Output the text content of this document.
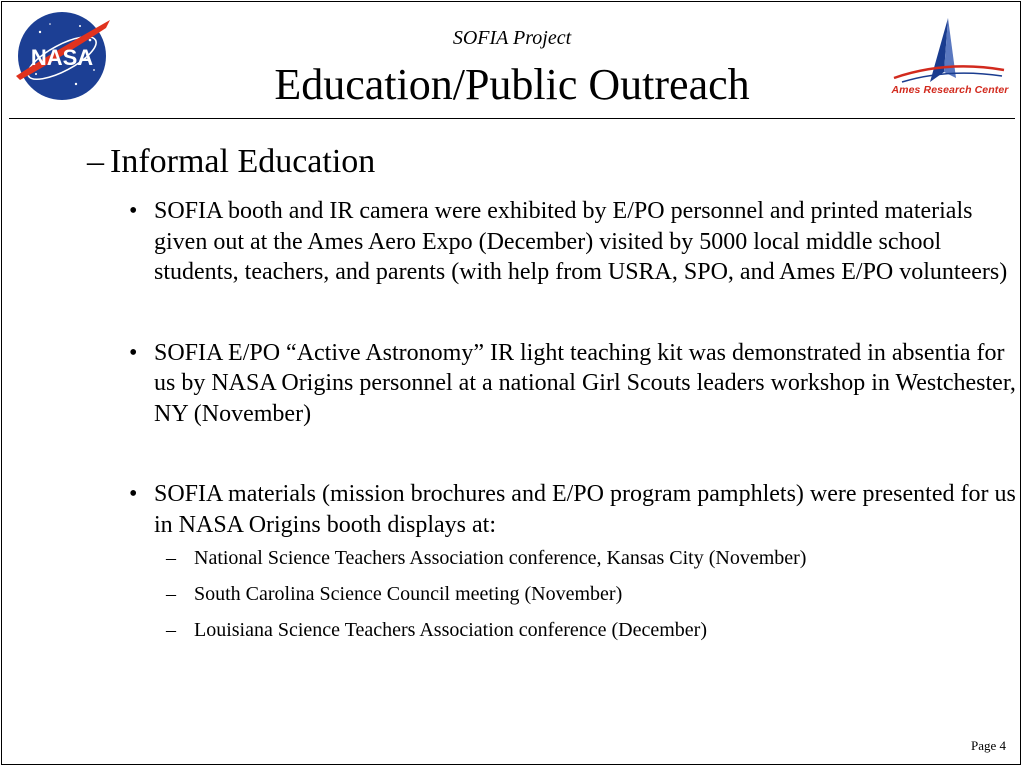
NASA
Ames Research Center
SOFIA Project
Education/Public Outreach
– Informal Education
• SOFIA booth and IR camera were exhibited by E/PO personnel and printed materials given out at the Ames Aero Expo (December) visited by 5000 local middle school students, teachers, and parents (with help from USRA, SPO, and Ames E/PO volunteers)
• SOFIA E/PO “Active Astronomy” IR light teaching kit was demonstrated in absentia for us by NASA Origins personnel at a national Girl Scouts leaders workshop in Westchester, NY (November)
• SOFIA materials (mission brochures and E/PO program pamphlets) were presented for us in NASA Origins booth displays at:
– National Science Teachers Association conference, Kansas City (November)
– South Carolina Science Council meeting (November)
– Louisiana Science Teachers Association conference (December)
Page 4
